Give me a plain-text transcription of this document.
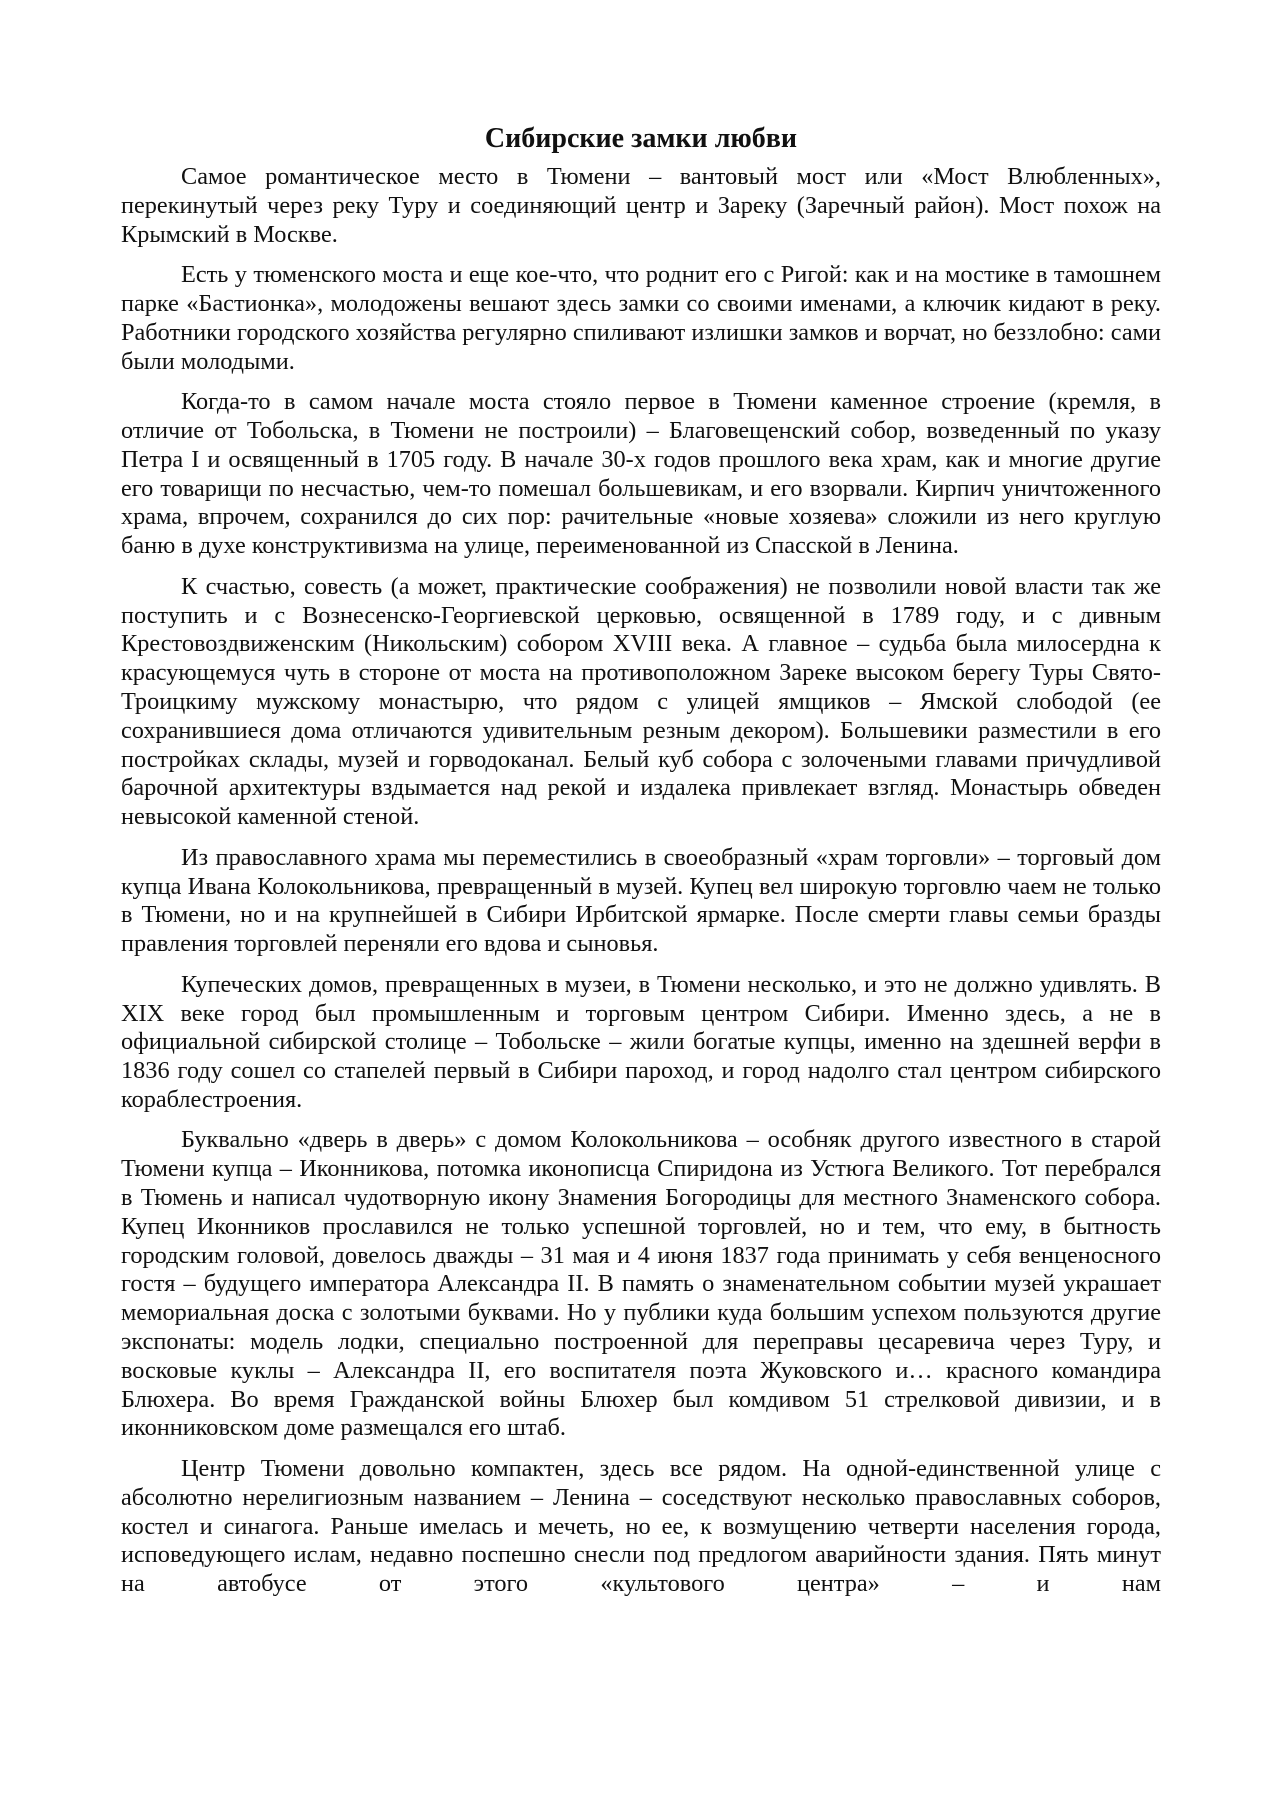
Сибирские замки любви

Самое романтическое место в Тюмени – вантовый мост или «Мост Влюбленных», перекинутый через реку Туру и соединяющий центр и Зареку (Заречный район). Мост похож на Крымский в Москве.

Есть у тюменского моста и еще кое-что, что роднит его с Ригой: как и на мостике в тамошнем парке «Бастионка», молодожены вешают здесь замки со своими именами, а ключик кидают в реку. Работники городского хозяйства регулярно спиливают излишки замков и ворчат, но беззлобно: сами были молодыми.

Когда-то в самом начале моста стояло первое в Тюмени каменное строение (кремля, в отличие от Тобольска, в Тюмени не построили) – Благовещенский собор, возведенный по указу Петра I и освященный в 1705 году. В начале 30-х годов прошлого века храм, как и многие другие его товарищи по несчастью, чем-то помешал большевикам, и его взорвали. Кирпич уничтоженного храма, впрочем, сохранился до сих пор: рачительные «новые хозяева» сложили из него круглую баню в духе конструктивизма на улице, переименованной из Спасской в Ленина.

К счастью, совесть (а может, практические соображения) не позволили новой власти так же поступить и с Вознесенско-Георгиевской церковью, освященной в 1789 году, и с дивным Крестовоздвиженским (Никольским) собором XVIII века. А главное – судьба была милосердна к красующемуся чуть в стороне от моста на противоположном Зареке высоком берегу Туры Свято-Троицкиму мужскому монастырю, что рядом с улицей ямщиков – Ямской слободой (ее сохранившиеся дома отличаются удивительным резным декором). Большевики разместили в его постройках склады, музей и горводоканал. Белый куб собора с золочеными главами причудливой барочной архитектуры вздымается над рекой и издалека привлекает взгляд. Монастырь обведен невысокой каменной стеной.

Из православного храма мы переместились в своеобразный «храм торговли» – торговый дом купца Ивана Колокольникова, превращенный в музей. Купец вел широкую торговлю чаем не только в Тюмени, но и на крупнейшей в Сибири Ирбитской ярмарке. После смерти главы семьи бразды правления торговлей переняли его вдова и сыновья.

Купеческих домов, превращенных в музеи, в Тюмени несколько, и это не должно удивлять. В XIX веке город был промышленным и торговым центром Сибири. Именно здесь, а не в официальной сибирской столице – Тобольске – жили богатые купцы, именно на здешней верфи в 1836 году сошел со стапелей первый в Сибири пароход, и город надолго стал центром сибирского кораблестроения.

Буквально «дверь в дверь» с домом Колокольникова – особняк другого известного в старой Тюмени купца – Иконникова, потомка иконописца Спиридона из Устюга Великого. Тот перебрался в Тюмень и написал чудотворную икону Знамения Богородицы для местного Знаменского собора. Купец Иконников прославился не только успешной торговлей, но и тем, что ему, в бытность городским головой, довелось дважды – 31 мая и 4 июня 1837 года принимать у себя венценосного гостя – будущего императора Александра II. В память о знаменательном событии музей украшает мемориальная доска с золотыми буквами. Но у публики куда большим успехом пользуются другие экспонаты: модель лодки, специально построенной для переправы цесаревича через Туру, и восковые куклы – Александра II, его воспитателя поэта Жуковского и… красного командира Блюхера. Во время Гражданской войны Блюхер был комдивом 51 стрелковой дивизии, и в иконниковском доме размещался его штаб.

Центр Тюмени довольно компактен, здесь все рядом. На одной-единственной улице с абсолютно нерелигиозным названием – Ленина – соседствуют несколько православных соборов, костел и синагога. Раньше имелась и мечеть, но ее, к возмущению четверти населения города, исповедующего ислам, недавно поспешно снесли под предлогом аварийности здания. Пять минут на автобусе от этого «культового центра» – и нам
